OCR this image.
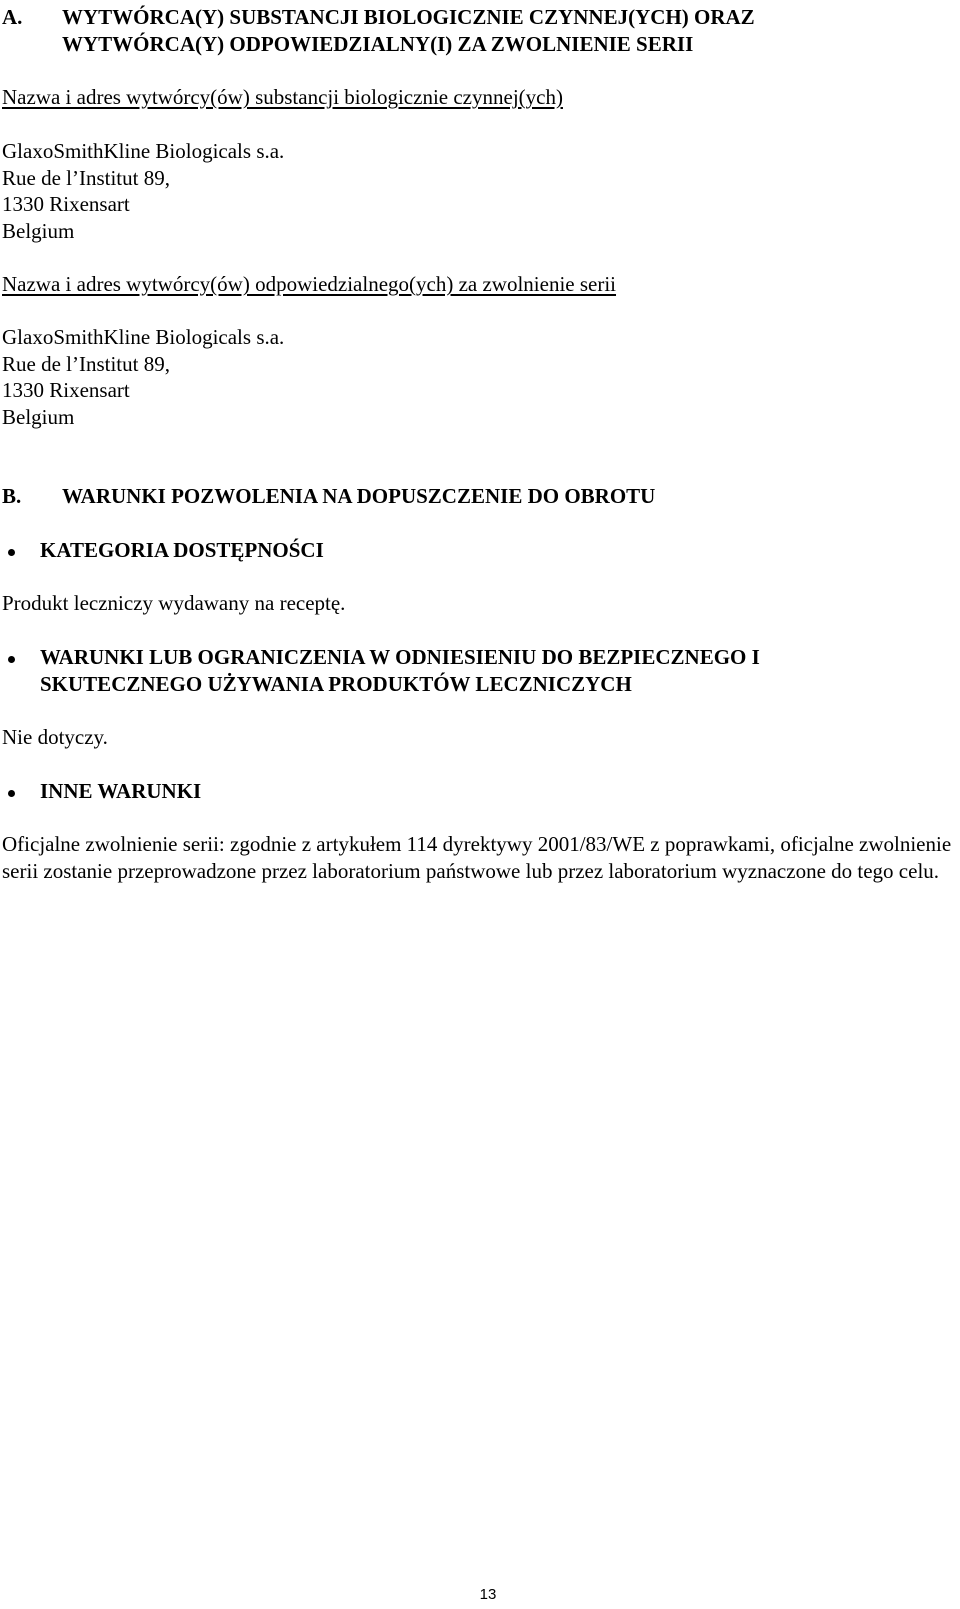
A. WYTWÓRCA(Y) SUBSTANCJI BIOLOGICZNIE CZYNNEJ(YCH) ORAZ
WYTWÓRCA(Y) ODPOWIEDZIALNY(I) ZA ZWOLNIENIE SERII
Nazwa i adres wytwórcy(ów) substancji biologicznie czynnej(ych)
GlaxoSmithKline Biologicals s.a.
Rue de l’Institut 89,
1330 Rixensart
Belgium
Nazwa i adres wytwórcy(ów) odpowiedzialnego(ych) za zwolnienie serii
GlaxoSmithKline Biologicals s.a.
Rue de l’Institut 89,
1330 Rixensart
Belgium
B. WARUNKI POZWOLENIA NA DOPUSZCZENIE DO OBROTU
KATEGORIA DOSTĘPNOŚCI
Produkt leczniczy wydawany na receptę.
WARUNKI LUB OGRANICZENIA W ODNIESIENIU DO BEZPIECZNEGO I
SKUTECZNEGO UŻYWANIA PRODUKTÓW LECZNICZYCH
Nie dotyczy.
INNE WARUNKI
Oficjalne zwolnienie serii: zgodnie z artykułem 114 dyrektywy 2001/83/WE z poprawkami, oficjalne zwolnienie serii zostanie przeprowadzone przez laboratorium państwowe lub przez laboratorium wyznaczone do tego celu.
13
